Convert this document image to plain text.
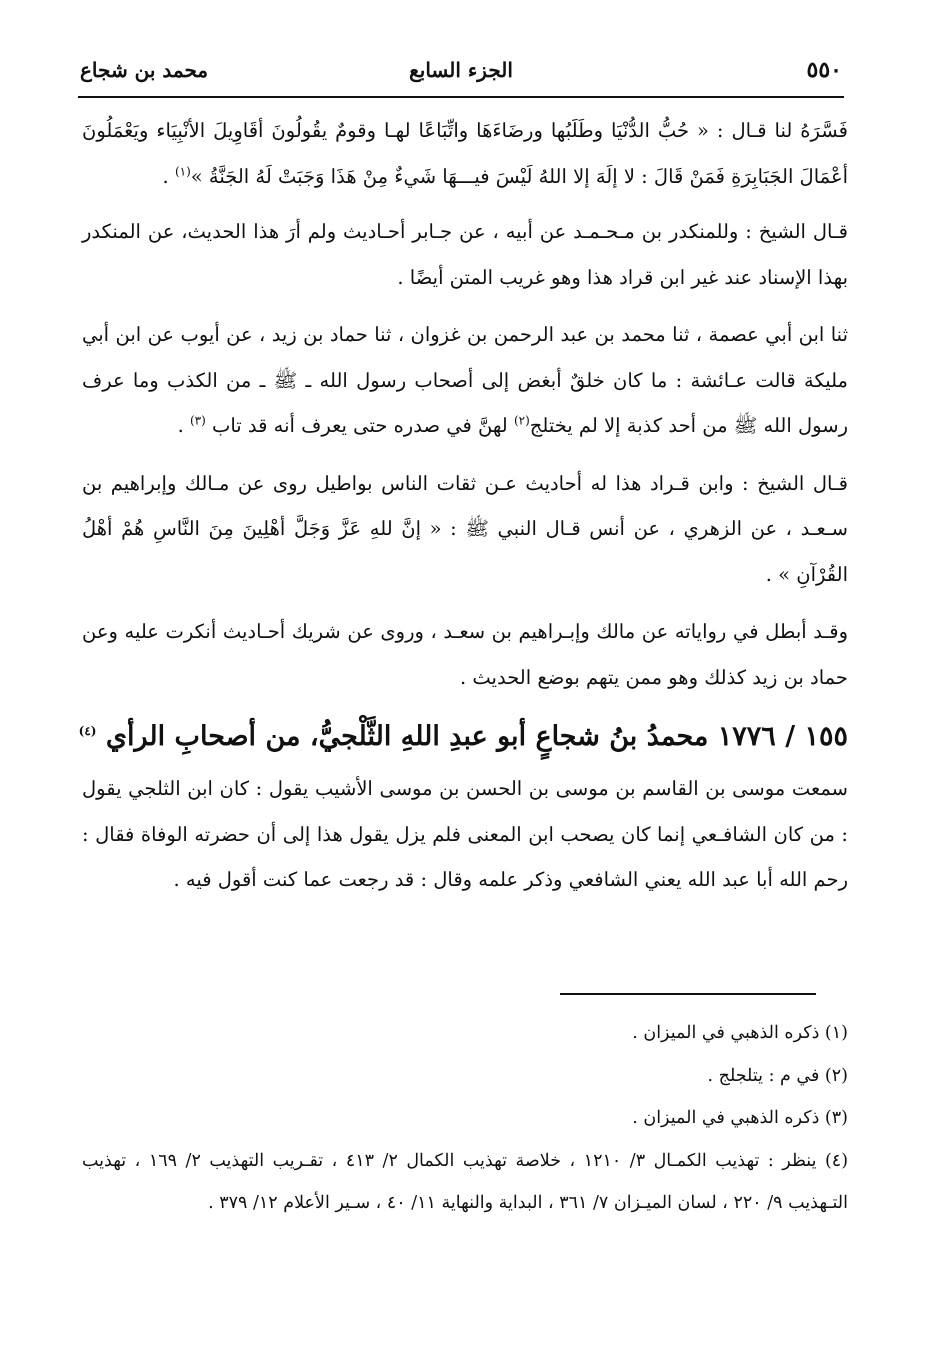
٥٥٠
الجزء السابع
محمد بن شجاع

فَسَّرَهُ لنا قـال : « حُبُّ الدُّنْيَا وطَلَبُها ورضَاءَهَا واتِّبَاعًا لهـا وقومٌ يقُولُونَ أقَاوِيلَ الأنْبِيَاء ويَعْمَلُونَ أعْمَالَ الجَبَابِرَةِ فَمَنْ قَالَ : لا إلَهَ إلا اللهُ لَيْسَ فيـــهَا شَيءٌ مِنْ هَذَا وَجَبَتْ لَهُ الجَنَّةُ »$^{(١)}$ .

قـال الشيخ : وللمنكدر بن مـحـمـد عن أبيه ، عن جـابر أحـاديث ولم أرَ هذا الحديث، عن المنكدر بهذا الإسناد عند غير ابن قراد هذا وهو غريب المتن أيضًا .

ثنا ابن أبي عصمة ، ثنا محمد بن عبد الرحمن بن غزوان ، ثنا حماد بن زيد ، عن أيوب عن ابن أبي مليكة قالت عـائشة : ما كان خلقٌ أبغض إلى أصحاب رسول الله ـ ﷺ ـ من الكذب وما عرف رسول الله ﷺ من أحد كذبة إلا لم يختلج$^{(٢)}$ لهنَّ في صدره حتى يعرف أنه قد تاب $^{(٣)}$ .

قـال الشيخ : وابن قـراد هذا له أحاديث عـن ثقات الناس بواطيل روى عن مـالك وإبراهيم بن سـعـد ، عن الزهري ، عن أنس قـال النبي ﷺ : « إنَّ للهِ عَزَّ وَجَلَّ أهْلِينَ مِنَ النَّاسِ هُمْ أهْلُ القُرْآنِ » .

وقـد أبطل في رواياته عن مالك وإبـراهيم بن سعـد ، وروى عن شريك أحـاديث أنكرت عليه وعن حماد بن زيد كذلك وهو ممن يتهم بوضع الحديث .

١٥٥ / ١٧٧٦ محمدُ بنُ شجاعٍ أبو عبدِ اللهِ الثَّلْجيُّ، من أصحابِ الرأي $^{(٤)}$

سمعت موسى بن القاسم بن موسى بن الحسن بن موسى الأشيب يقول : كان ابن الثلجي يقول : من كان الشافـعي إنما كان يصحب ابن المعنى فلم يزل يقول هذا إلى أن حضرته الوفاة فقال : رحم الله أبا عبد الله يعني الشافعي وذكر علمه وقال : قد رجعت عما كنت أقول فيه .

(١) ذكره الذهبي في الميزان .
(٢) في م : يتلجلج .
(٣) ذكره الذهبي في الميزان .
(٤) ينظر : تهذيب الكمـال ٣/ ١٢١٠ ، خلاصة تهذيب الكمال ٢/ ٤١٣ ، تقـريب التهذيب ٢/ ١٦٩ ، تهذيب التـهذيب ٩/ ٢٢٠ ، لسان الميـزان ٧/ ٣٦١ ، البداية والنهاية ١١/ ٤٠ ، سـير الأعلام ١٢/ ٣٧٩ .
